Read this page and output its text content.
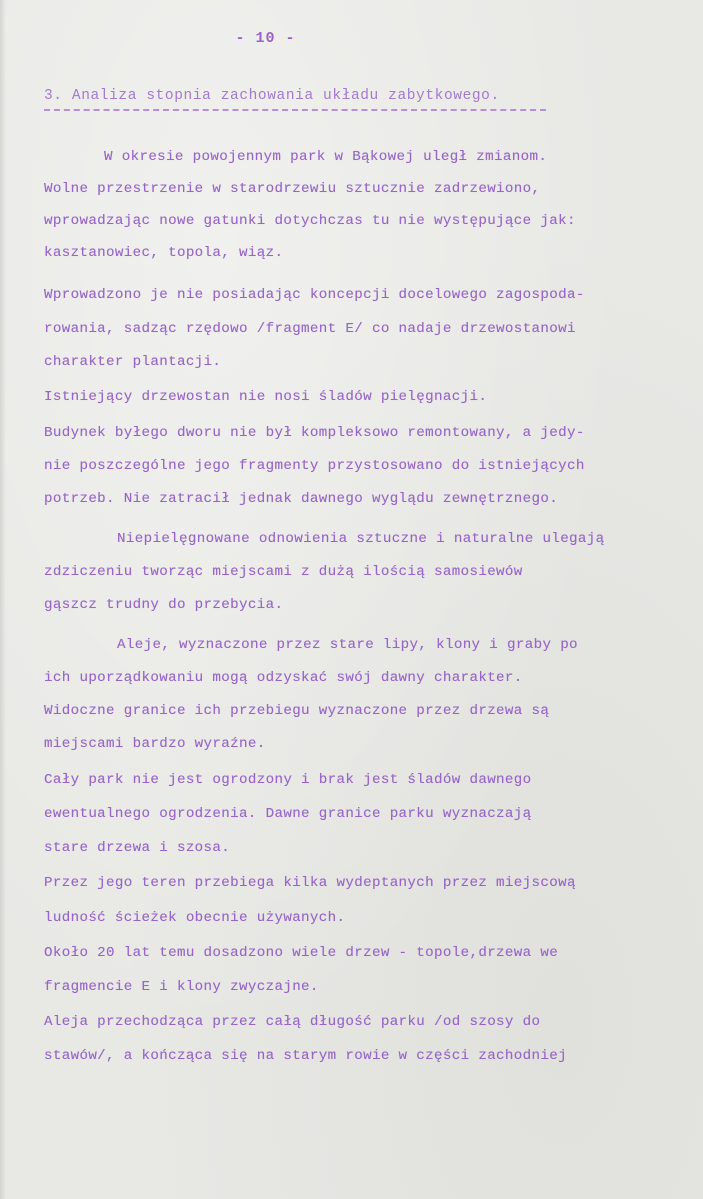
- 10 -
3. Analiza stopnia zachowania układu zabytkowego.
W okresie powojennym park w Bąkowej uległ zmianom.
Wolne przestrzenie w starodrzewiu sztucznie zadrzewiono,
wprowadzając nowe gatunki dotychczas tu nie występujące jak:
kasztanowiec, topola, wiąz.
Wprowadzono je nie posiadając koncepcji docelowego zagospoda-
rowania, sadząc rzędowo /fragment E/ co nadaje drzewostanowi
charakter plantacji.
Istniejący drzewostan nie nosi śladów pielęgnacji.
Budynek byłego dworu nie był kompleksowo remontowany, a jedy-
nie poszczególne jego fragmenty przystosowano do istniejących
potrzeb. Nie zatracił jednak dawnego wyglądu zewnętrznego.
Niepielęgnowane odnowienia sztuczne i naturalne ulegają
zdziczeniu tworząc miejscami z dużą ilością samosiewów
gąszcz trudny do przebycia.
Aleje, wyznaczone przez stare lipy, klony i graby po
ich uporządkowaniu mogą odzyskać swój dawny charakter.
Widoczne granice ich przebiegu wyznaczone przez drzewa są
miejscami bardzo wyraźne.
Cały park nie jest ogrodzony i brak jest śladów dawnego
ewentualnego ogrodzenia. Dawne granice parku wyznaczają
stare drzewa i szosa.
Przez jego teren przebiega kilka wydeptanych przez miejscową
ludność ścieżek obecnie używanych.
Około 20 lat temu dosadzono wiele drzew - topole,drzewa we
fragmencie E i klony zwyczajne.
Aleja przechodząca przez całą długość parku /od szosy do
stawów/, a kończąca się na starym rowie w części zachodniej
